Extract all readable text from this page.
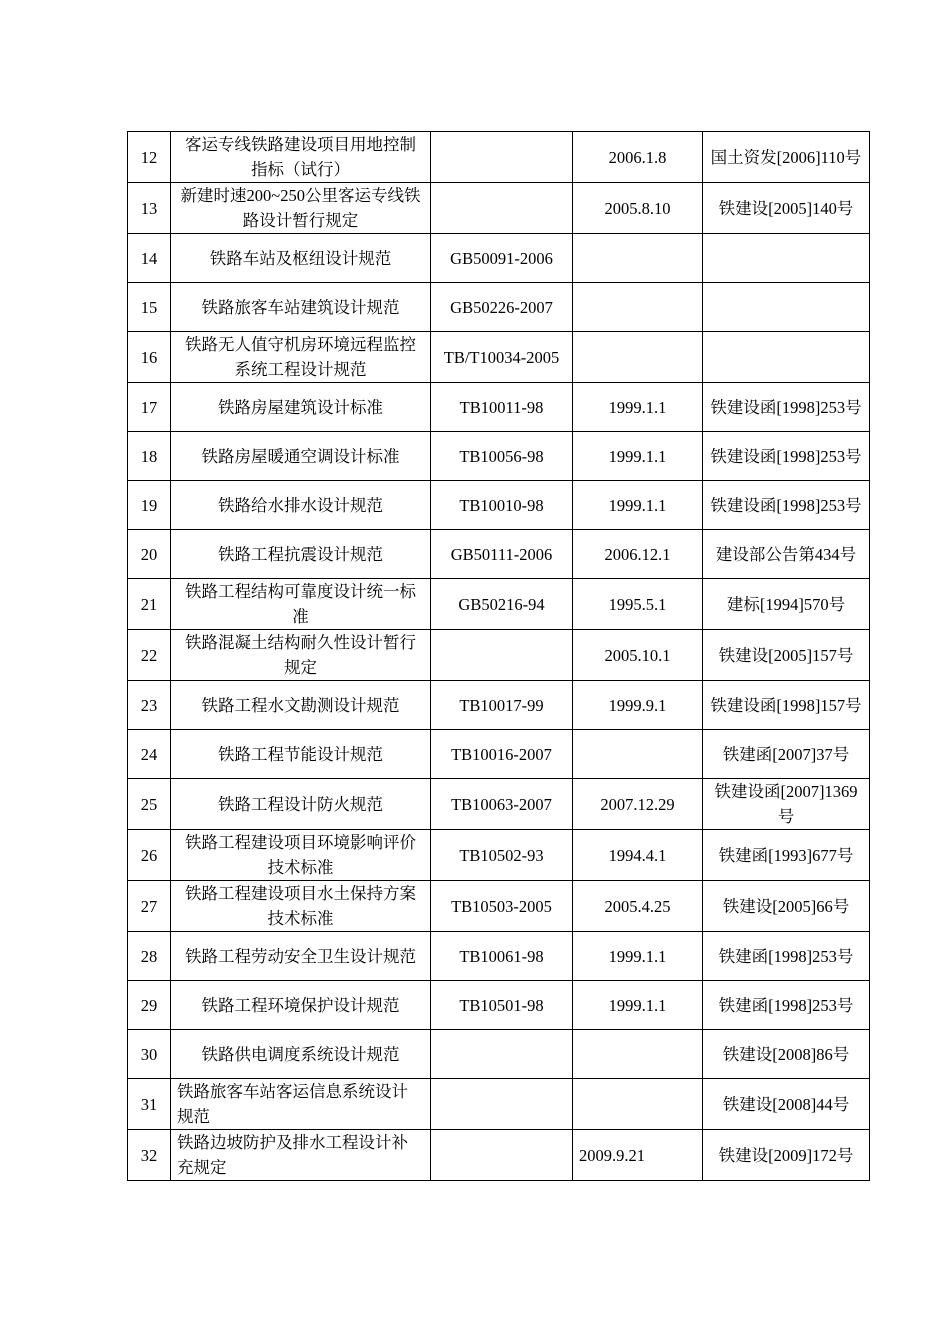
12	客运专线铁路建设项目用地控制指标（试行）		2006.1.8	国土资发[2006]110号
13	新建时速200~250公里客运专线铁路设计暂行规定		2005.8.10	铁建设[2005]140号
14	铁路车站及枢纽设计规范	GB50091-2006		
15	铁路旅客车站建筑设计规范	GB50226-2007		
16	铁路无人值守机房环境远程监控系统工程设计规范	TB/T10034-2005		
17	铁路房屋建筑设计标准	TB10011-98	1999.1.1	铁建设函[1998]253号
18	铁路房屋暖通空调设计标准	TB10056-98	1999.1.1	铁建设函[1998]253号
19	铁路给水排水设计规范	TB10010-98	1999.1.1	铁建设函[1998]253号
20	铁路工程抗震设计规范	GB50111-2006	2006.12.1	建设部公告第434号
21	铁路工程结构可靠度设计统一标准	GB50216-94	1995.5.1	建标[1994]570号
22	铁路混凝土结构耐久性设计暂行规定		2005.10.1	铁建设[2005]157号
23	铁路工程水文勘测设计规范	TB10017-99	1999.9.1	铁建设函[1998]157号
24	铁路工程节能设计规范	TB10016-2007		铁建函[2007]37号
25	铁路工程设计防火规范	TB10063-2007	2007.12.29	铁建设函[2007]1369号
26	铁路工程建设项目环境影响评价技术标准	TB10502-93	1994.4.1	铁建函[1993]677号
27	铁路工程建设项目水土保持方案技术标准	TB10503-2005	2005.4.25	铁建设[2005]66号
28	铁路工程劳动安全卫生设计规范	TB10061-98	1999.1.1	铁建函[1998]253号
29	铁路工程环境保护设计规范	TB10501-98	1999.1.1	铁建函[1998]253号
30	铁路供电调度系统设计规范			铁建设[2008]86号
31	铁路旅客车站客运信息系统设计规范			铁建设[2008]44号
32	铁路边坡防护及排水工程设计补充规定		2009.9.21	铁建设[2009]172号
